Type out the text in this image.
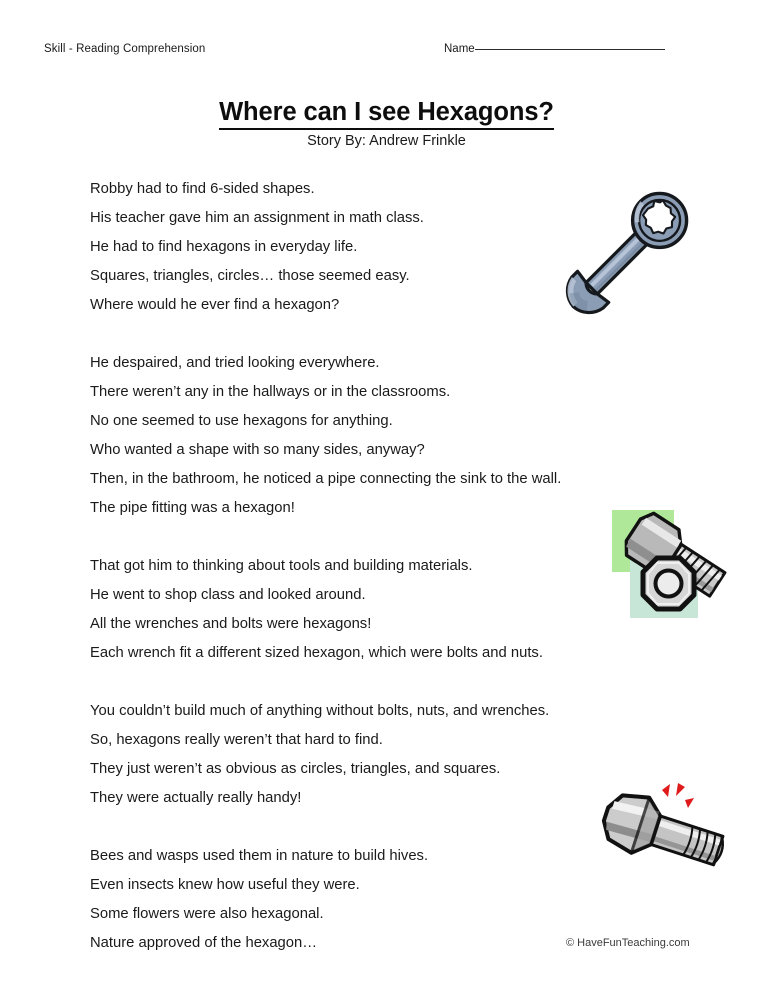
Skill - Reading Comprehension	Name
Where can I see Hexagons?
Story By: Andrew Frinkle
Robby had to find 6-sided shapes.
His teacher gave him an assignment in math class.
He had to find hexagons in everyday life.
Squares, triangles, circles… those seemed easy.
Where would he ever find a hexagon?
He despaired, and tried looking everywhere.
There weren’t any in the hallways or in the classrooms.
No one seemed to use hexagons for anything.
Who wanted a shape with so many sides, anyway?
Then, in the bathroom, he noticed a pipe connecting the sink to the wall.
The pipe fitting was a hexagon!
That got him to thinking about tools and building materials.
He went to shop class and looked around.
All the wrenches and bolts were hexagons!
Each wrench fit a different sized hexagon, which were bolts and nuts.
You couldn’t build much of anything without bolts, nuts, and wrenches.
So, hexagons really weren’t that hard to find.
They just weren’t as obvious as circles, triangles, and squares.
They were actually really handy!
Bees and wasps used them in nature to build hives.
Even insects knew how useful they were.
Some flowers were also hexagonal.
Nature approved of the hexagon…	© HaveFunTeaching.com
